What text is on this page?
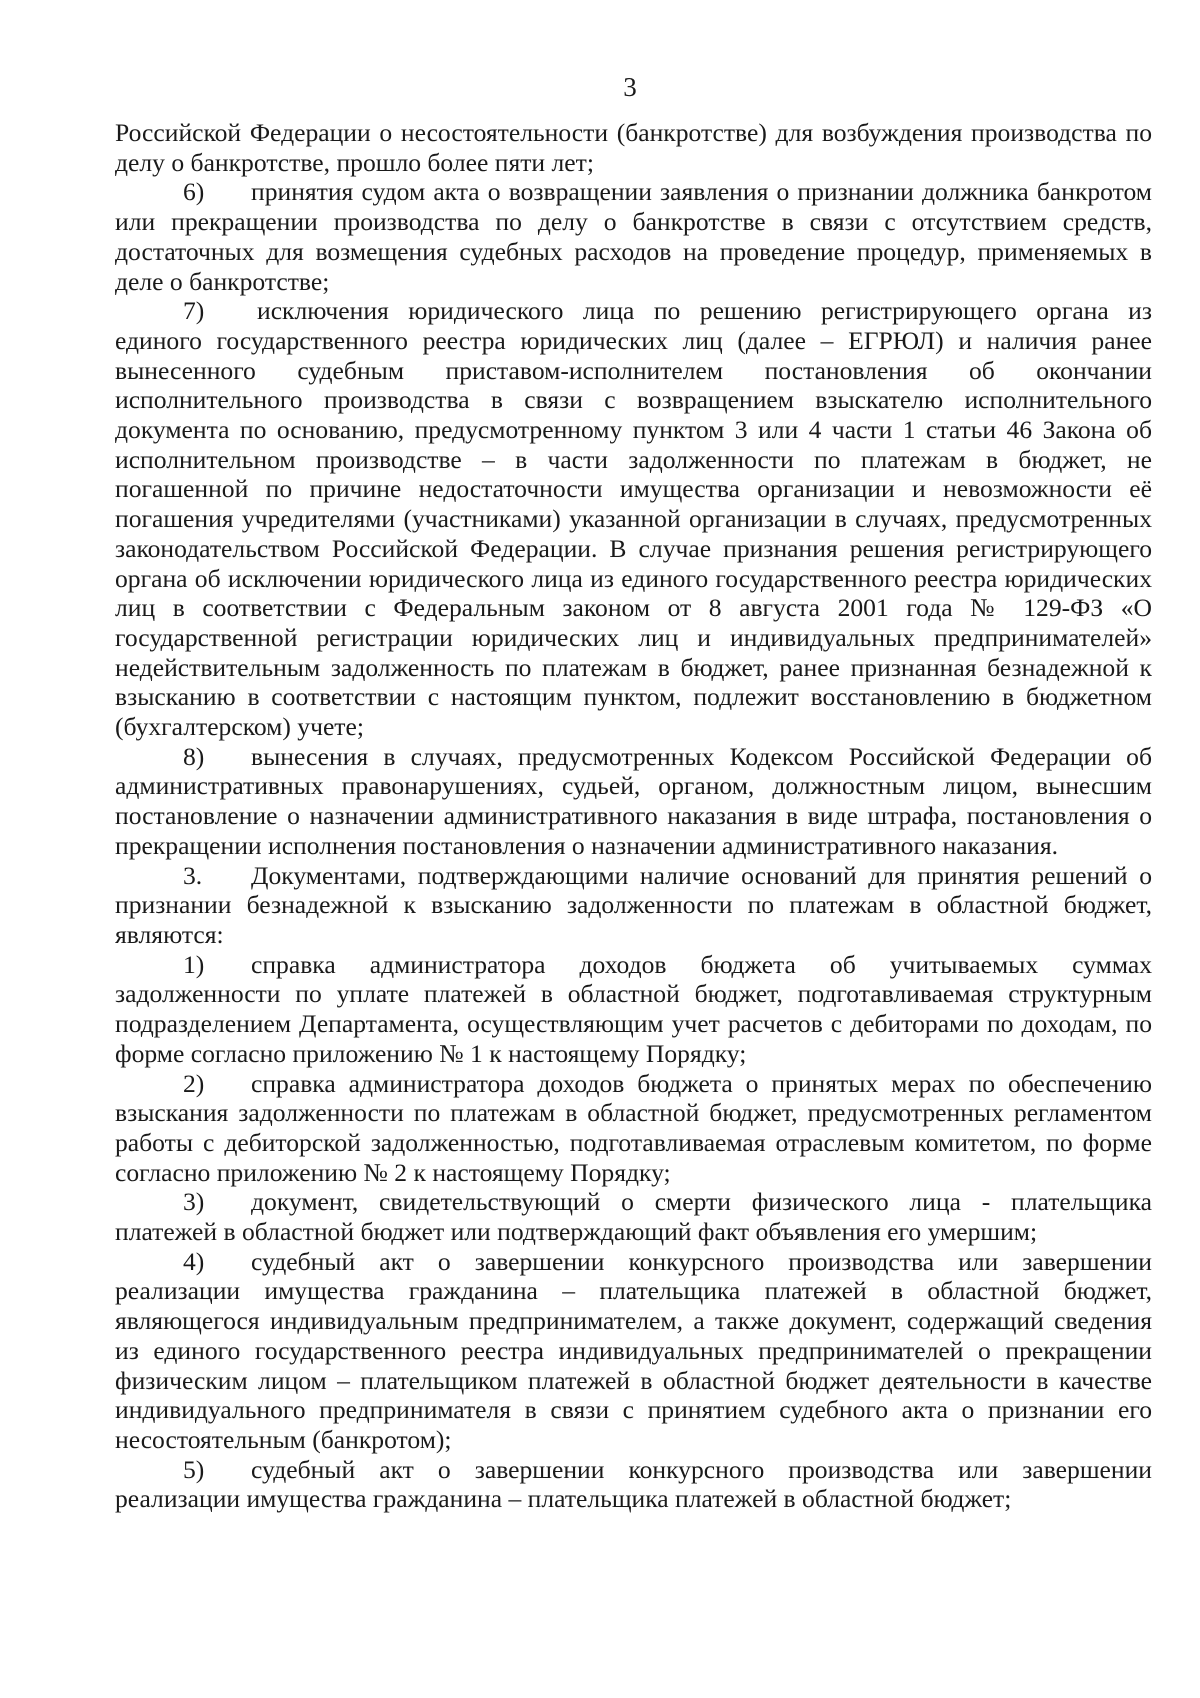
3

Российской Федерации о несостоятельности (банкротстве) для возбуждения производства по делу о банкротстве, прошло более пяти лет;

6) принятия судом акта о возвращении заявления о признании должника банкротом или прекращении производства по делу о банкротстве в связи с отсутствием средств, достаточных для возмещения судебных расходов на проведение процедур, применяемых в деле о банкротстве;

7) исключения юридического лица по решению регистрирующего органа из единого государственного реестра юридических лиц (далее – ЕГРЮЛ) и наличия ранее вынесенного судебным приставом-исполнителем постановления об окончании исполнительного производства в связи с возвращением взыскателю исполнительного документа по основанию, предусмотренному пунктом 3 или 4 части 1 статьи 46 Закона об исполнительном производстве – в части задолженности по платежам в бюджет, не погашенной по причине недостаточности имущества организации и невозможности её погашения учредителями (участниками) указанной организации в случаях, предусмотренных законодательством Российской Федерации. В случае признания решения регистрирующего органа об исключении юридического лица из единого государственного реестра юридических лиц в соответствии с Федеральным законом от 8 августа 2001 года № 129-ФЗ «О государственной регистрации юридических лиц и индивидуальных предпринимателей» недействительным задолженность по платежам в бюджет, ранее признанная безнадежной к взысканию в соответствии с настоящим пунктом, подлежит восстановлению в бюджетном (бухгалтерском) учете;

8) вынесения в случаях, предусмотренных Кодексом Российской Федерации об административных правонарушениях, судьей, органом, должностным лицом, вынесшим постановление о назначении административного наказания в виде штрафа, постановления о прекращении исполнения постановления о назначении административного наказания.

3. Документами, подтверждающими наличие оснований для принятия решений о признании безнадежной к взысканию задолженности по платежам в областной бюджет, являются:

1) справка администратора доходов бюджета об учитываемых суммах задолженности по уплате платежей в областной бюджет, подготавливаемая структурным подразделением Департамента, осуществляющим учет расчетов с дебиторами по доходам, по форме согласно приложению № 1 к настоящему Порядку;

2) справка администратора доходов бюджета о принятых мерах по обеспечению взыскания задолженности по платежам в областной бюджет, предусмотренных регламентом работы с дебиторской задолженностью, подготавливаемая отраслевым комитетом, по форме согласно приложению № 2 к настоящему Порядку;

3) документ, свидетельствующий о смерти физического лица - плательщика платежей в областной бюджет или подтверждающий факт объявления его умершим;

4) судебный акт о завершении конкурсного производства или завершении реализации имущества гражданина – плательщика платежей в областной бюджет, являющегося индивидуальным предпринимателем, а также документ, содержащий сведения из единого государственного реестра индивидуальных предпринимателей о прекращении физическим лицом – плательщиком платежей в областной бюджет деятельности в качестве индивидуального предпринимателя в связи с принятием судебного акта о признании его несостоятельным (банкротом);

5) судебный акт о завершении конкурсного производства или завершении реализации имущества гражданина – плательщика платежей в областной бюджет;
